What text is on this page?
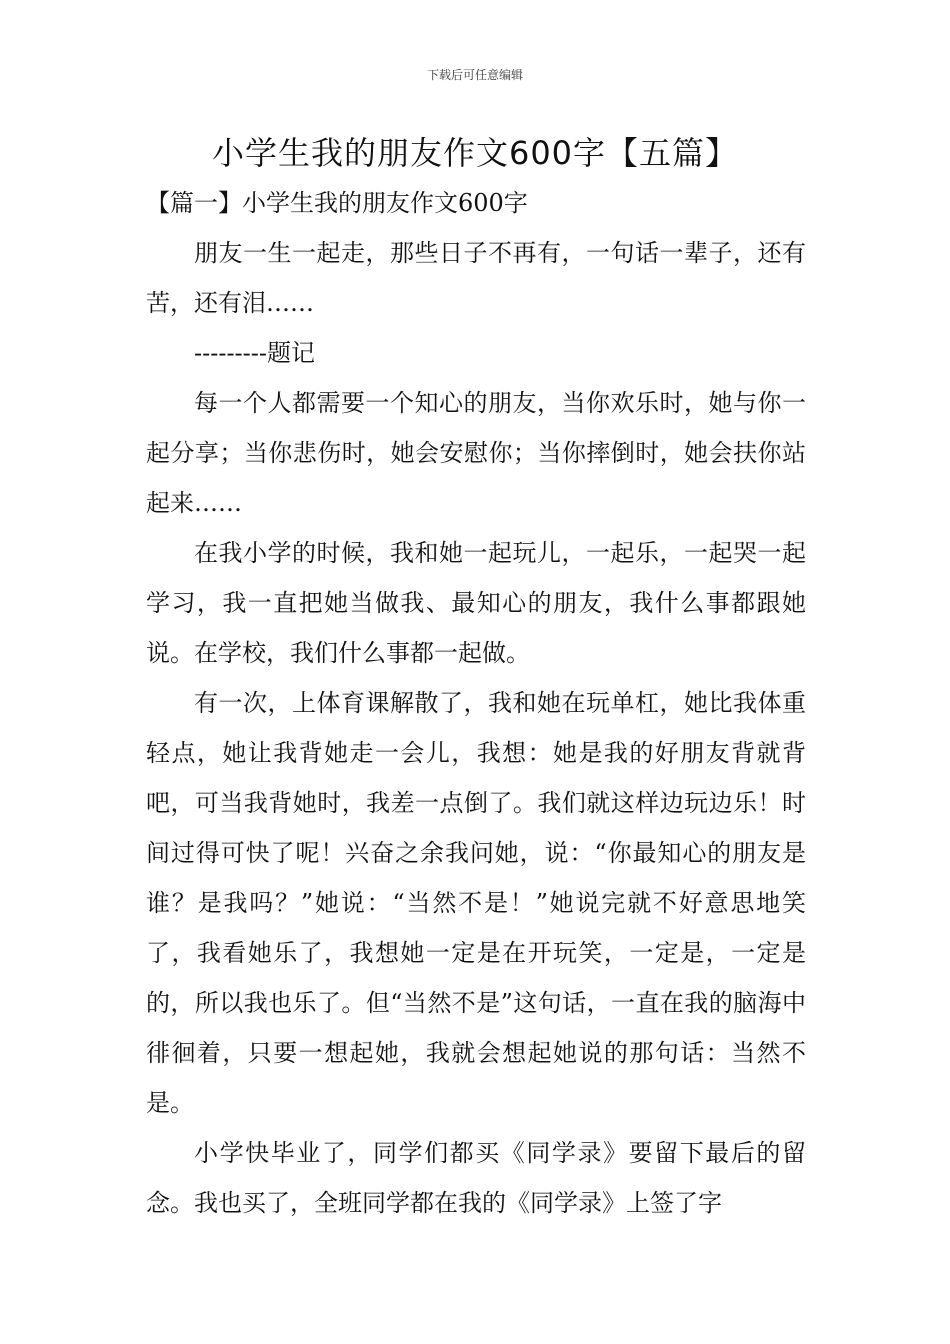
下载后可任意编辑
小学生我的朋友作文600字【五篇】

【篇一】小学生我的朋友作文600字

朋友一生一起走，那些日子不再有，一句话一辈子，还有苦，还有泪……

---------题记

每一个人都需要一个知心的朋友，当你欢乐时，她与你一起分享；当你悲伤时，她会安慰你；当你摔倒时，她会扶你站起来……

在我小学的时候，我和她一起玩儿，一起乐，一起哭一起学习，我一直把她当做我、最知心的朋友，我什么事都跟她说。在学校，我们什么事都一起做。

有一次，上体育课解散了，我和她在玩单杠，她比我体重轻点，她让我背她走一会儿，我想：她是我的好朋友背就背吧，可当我背她时，我差一点倒了。我们就这样边玩边乐！时间过得可快了呢！兴奋之余我问她，说：“你最知心的朋友是谁？是我吗？”她说：“当然不是！”她说完就不好意思地笑了，我看她乐了，我想她一定是在开玩笑，一定是，一定是的，所以我也乐了。但“当然不是”这句话，一直在我的脑海中徘徊着，只要一想起她，我就会想起她说的那句话：当然不是。

小学快毕业了，同学们都买《同学录》要留下最后的留念。我也买了，全班同学都在我的《同学录》上签了字
